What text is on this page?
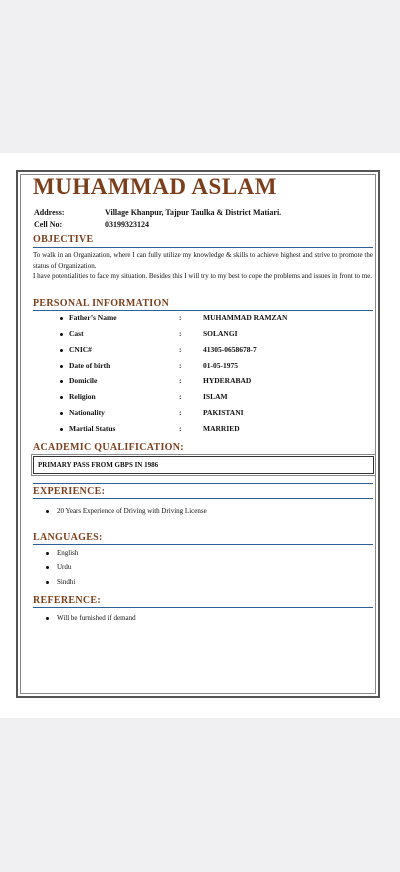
MUHAMMAD ASLAM
Address:	Village Khanpur, Tajpur Taulka & District Matiari.
Cell No:	03199323124
OBJECTIVE
To walk in an Organization, where I can fully utilize my knowledge & skills to achieve highest and strive to promote the status of Organization.
I have potentialities to face my situation. Besides this I will try to my best to cope the problems and issues in front to me.
PERSONAL INFORMATION
Father’s Name	:	MUHAMMAD RAMZAN
Cast	:	SOLANGI
CNIC#	:	41305-0658678-7
Date of birth	:	01-05-1975
Domicile	:	HYDERABAD
Religion	:	ISLAM
Nationality	:	PAKISTANI
Martial Status	:	MARRIED
ACADEMIC QUALIFICATION:
PRIMARY PASS FROM GBPS IN 1986
EXPERIENCE:
20 Years Experience of Driving with Driving License
LANGUAGES:
English
Urdu
Sindhi
REFERENCE:
Will be furnished if demand
